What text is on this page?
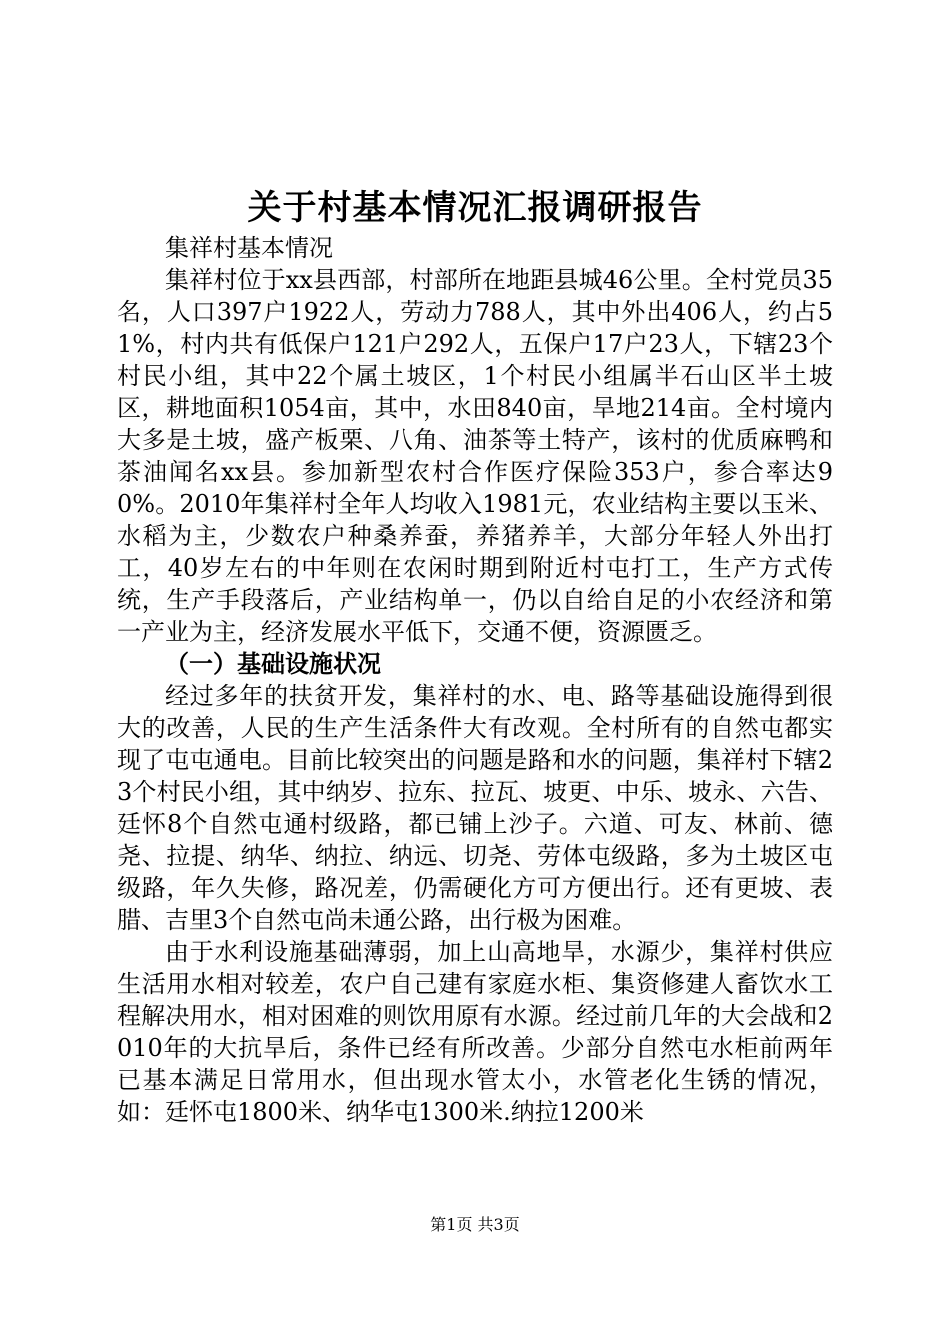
关于村基本情况汇报调研报告

集祥村基本情况

集祥村位于xx县西部，村部所在地距县城46公里。全村党员35名，人口397户1922人，劳动力788人，其中外出406人，约占51%，村内共有低保户121户292人，五保户17户23人，下辖23个村民小组，其中22个属土坡区，1个村民小组属半石山区半土坡区，耕地面积1054亩，其中，水田840亩，旱地214亩。全村境内大多是土坡，盛产板栗、八角、油茶等土特产，该村的优质麻鸭和茶油闻名xx县。参加新型农村合作医疗保险353户，参合率达90%。2010年集祥村全年人均收入1981元，农业结构主要以玉米、水稻为主，少数农户种桑养蚕，养猪养羊，大部分年轻人外出打工，40岁左右的中年则在农闲时期到附近村屯打工，生产方式传统，生产手段落后，产业结构单一，仍以自给自足的小农经济和第一产业为主，经济发展水平低下，交通不便，资源匮乏。

（一）基础设施状况

经过多年的扶贫开发，集祥村的水、电、路等基础设施得到很大的改善，人民的生产生活条件大有改观。全村所有的自然屯都实现了屯屯通电。目前比较突出的问题是路和水的问题，集祥村下辖23个村民小组，其中纳岁、拉东、拉瓦、坡更、中乐、坡永、六告、廷怀8个自然屯通村级路，都已铺上沙子。六道、可友、林前、德尧、拉提、纳华、纳拉、纳远、切尧、劳体屯级路，多为土坡区屯级路，年久失修，路况差，仍需硬化方可方便出行。还有更坡、表腊、吉里3个自然屯尚未通公路，出行极为困难。

由于水利设施基础薄弱，加上山高地旱，水源少，集祥村供应生活用水相对较差，农户自己建有家庭水柜、集资修建人畜饮水工程解决用水，相对困难的则饮用原有水源。经过前几年的大会战和2010年的大抗旱后，条件已经有所改善。少部分自然屯水柜前两年已基本满足日常用水，但出现水管太小，水管老化生锈的情况，如：廷怀屯1800米、纳华屯1300米.纳拉1200米

第1页 共3页
